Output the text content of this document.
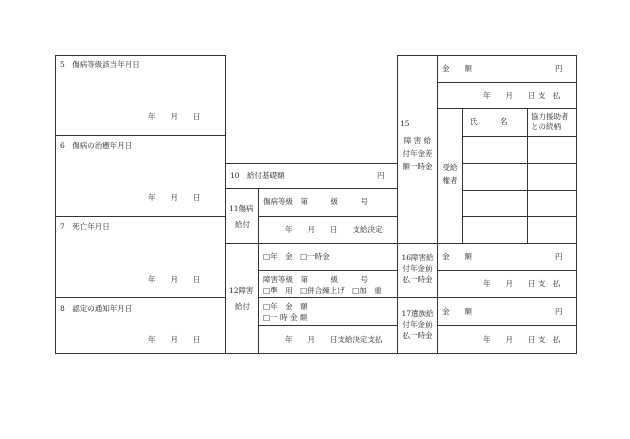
5　傷病等級該当年月日
年　　月　　日
6　傷病の治癒年月日
年　　月　　日
7　死亡年月日
年　　月　　日
8　認定の通知年月日
年　　月　　日
10　給付基礎額	円
11傷病
給付
傷病等級　第　　　級　　　号
年　　月　　日　　支給決定
12障害
給付
□年　金　□一時金
障害等級　第　　　級　　　号
□準　用　□併合繰上げ　□加　重
□年　金　額
□一 時 金 額
年　　月　　日支給決定支払
15
障 害 給
付年金差
額一時金
金　　額	円
年　　月　　日 支　払
受給
権者
氏　　　名
協力援助者
との続柄
16障害給
付年金前
払一時金
金　　額	円
年　　月　　日 支　払
17遺族給
付年金前
払一時金
金　　額	円
年　　月　　日 支　払
